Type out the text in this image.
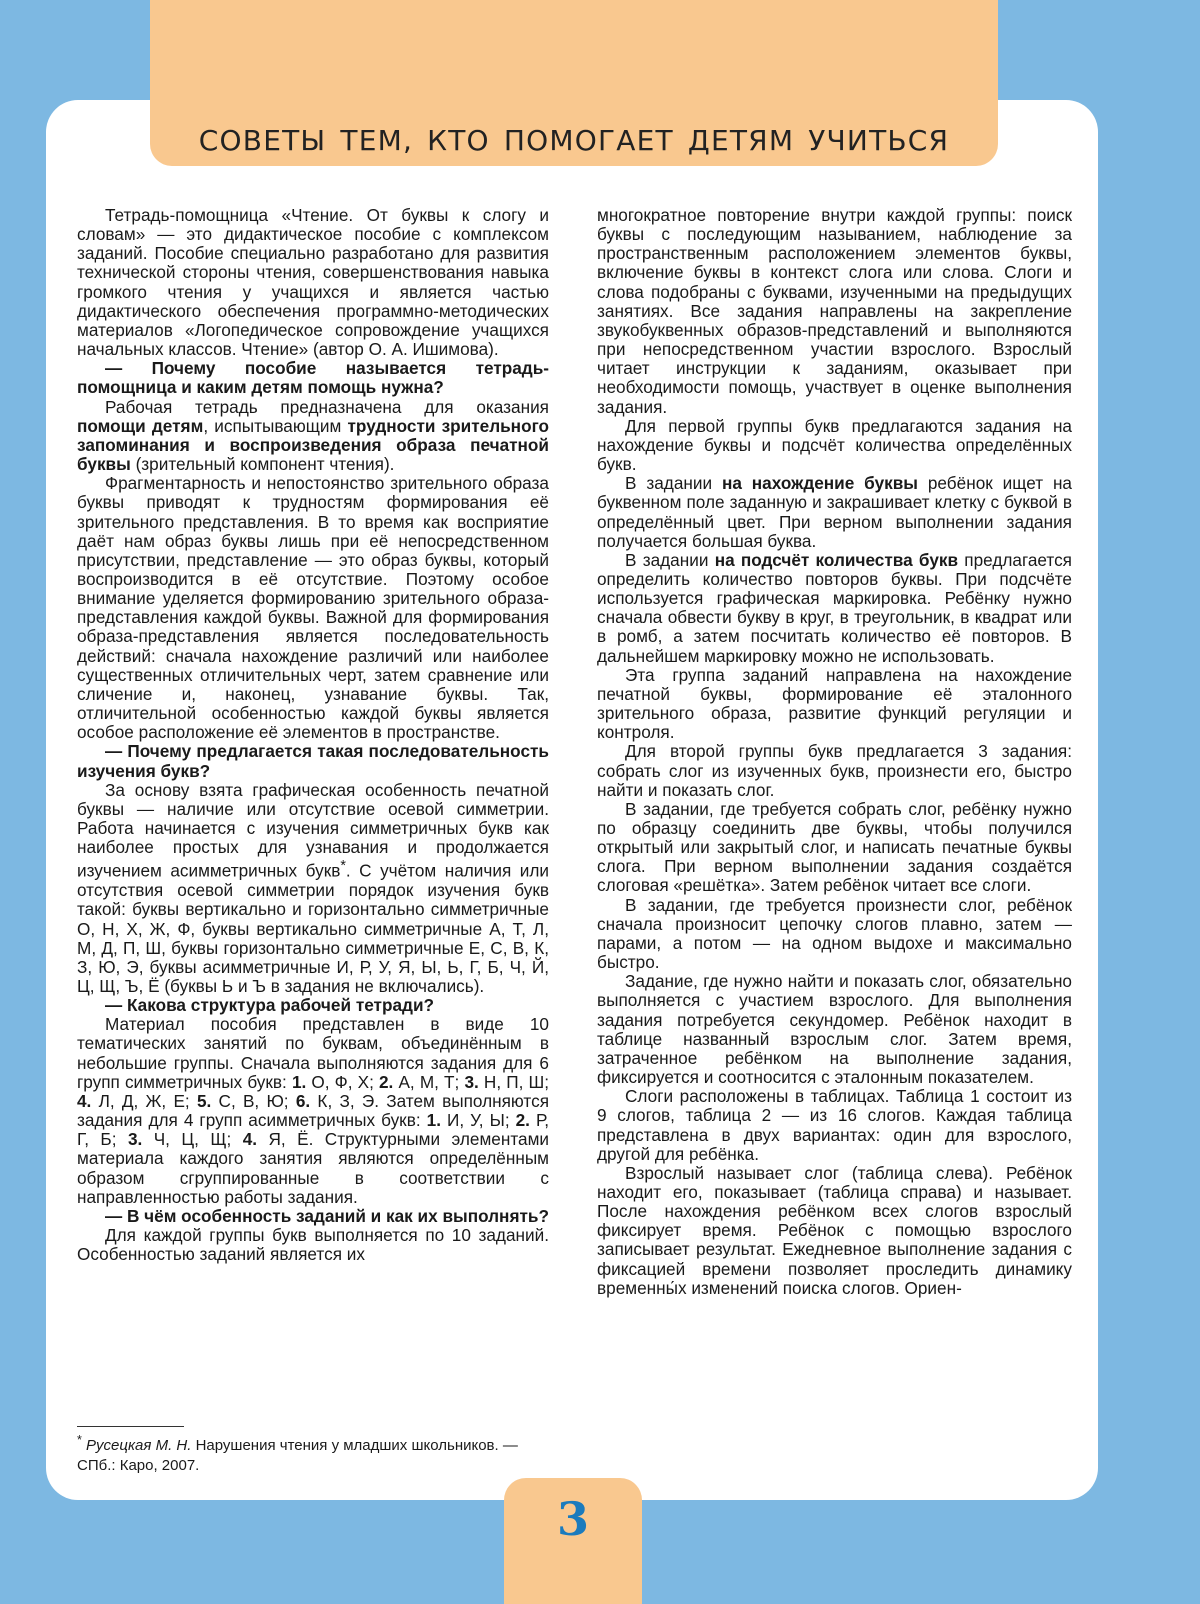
СОВЕТЫ ТЕМ, КТО ПОМОГАЕТ ДЕТЯМ УЧИТЬСЯ

Тетрадь-помощница «Чтение. От буквы к слогу и словам» — это дидактическое пособие с комплексом заданий. Пособие специально разработано для развития технической стороны чтения, совершенствования навыка громкого чтения у учащихся и является частью дидактического обеспечения программно-методических материалов «Логопедическое сопровождение учащихся начальных классов. Чтение» (автор О. А. Ишимова).

— Почему пособие называется тетрадь-помощница и каким детям помощь нужна?

Рабочая тетрадь предназначена для оказания помощи детям, испытывающим трудности зрительного запоминания и воспроизведения образа печатной буквы (зрительный компонент чтения).

Фрагментарность и непостоянство зрительного образа буквы приводят к трудностям формирования её зрительного представления. В то время как восприятие даёт нам образ буквы лишь при её непосредственном присутствии, представление — это образ буквы, который воспроизводится в её отсутствие. Поэтому особое внимание уделяется формированию зрительного образа-представления каждой буквы. Важной для формирования образа-представления является последовательность действий: сначала нахождение различий или наиболее существенных отличительных черт, затем сравнение или сличение и, наконец, узнавание буквы. Так, отличительной особенностью каждой буквы является особое расположение её элементов в пространстве.

— Почему предлагается такая последовательность изучения букв?

За основу взята графическая особенность печатной буквы — наличие или отсутствие осевой симметрии. Работа начинается с изучения симметричных букв как наиболее простых для узнавания и продолжается изучением асимметричных букв*. С учётом наличия или отсутствия осевой симметрии порядок изучения букв такой: буквы вертикально и горизонтально симметричные О, Н, Х, Ж, Ф, буквы вертикально симметричные А, Т, Л, М, Д, П, Ш, буквы горизонтально симметричные Е, С, В, К, З, Ю, Э, буквы асимметричные И, Р, У, Я, Ы, Ь, Г, Б, Ч, Й, Ц, Щ, Ъ, Ё (буквы Ь и Ъ в задания не включались).

— Какова структура рабочей тетради?

Материал пособия представлен в виде 10 тематических занятий по буквам, объединённым в небольшие группы. Сначала выполняются задания для 6 групп симметричных букв: 1. О, Ф, Х; 2. А, М, Т; 3. Н, П, Ш; 4. Л, Д, Ж, Е; 5. С, В, Ю; 6. К, З, Э. Затем выполняются задания для 4 групп асимметричных букв: 1. И, У, Ы; 2. Р, Г, Б; 3. Ч, Ц, Щ; 4. Я, Ё. Структурными элементами материала каждого занятия являются определённым образом сгруппированные в соответствии с направленностью работы задания.

— В чём особенность заданий и как их выполнять?

Для каждой группы букв выполняется по 10 заданий. Особенностью заданий является их

многократное повторение внутри каждой группы: поиск буквы с последующим называнием, наблюдение за пространственным расположением элементов буквы, включение буквы в контекст слога или слова. Слоги и слова подобраны с буквами, изученными на предыдущих занятиях. Все задания направлены на закрепление звукобуквенных образов-представлений и выполняются при непосредственном участии взрослого. Взрослый читает инструкции к заданиям, оказывает при необходимости помощь, участвует в оценке выполнения задания.

Для первой группы букв предлагаются задания на нахождение буквы и подсчёт количества определённых букв.

В задании на нахождение буквы ребёнок ищет на буквенном поле заданную и закрашивает клетку с буквой в определённый цвет. При верном выполнении задания получается большая буква.

В задании на подсчёт количества букв предлагается определить количество повторов буквы. При подсчёте используется графическая маркировка. Ребёнку нужно сначала обвести букву в круг, в треугольник, в квадрат или в ромб, а затем посчитать количество её повторов. В дальнейшем маркировку можно не использовать.

Эта группа заданий направлена на нахождение печатной буквы, формирование её эталонного зрительного образа, развитие функций регуляции и контроля.

Для второй группы букв предлагается 3 задания: собрать слог из изученных букв, произнести его, быстро найти и показать слог.

В задании, где требуется собрать слог, ребёнку нужно по образцу соединить две буквы, чтобы получился открытый или закрытый слог, и написать печатные буквы слога. При верном выполнении задания создаётся слоговая «решётка». Затем ребёнок читает все слоги.

В задании, где требуется произнести слог, ребёнок сначала произносит цепочку слогов плавно, затем — парами, а потом — на одном выдохе и максимально быстро.

Задание, где нужно найти и показать слог, обязательно выполняется с участием взрослого. Для выполнения задания потребуется секундомер. Ребёнок находит в таблице названный взрослым слог. Затем время, затраченное ребёнком на выполнение задания, фиксируется и соотносится с эталонным показателем.

Слоги расположены в таблицах. Таблица 1 состоит из 9 слогов, таблица 2 — из 16 слогов. Каждая таблица представлена в двух вариантах: один для взрослого, другой для ребёнка.

Взрослый называет слог (таблица слева). Ребёнок находит его, показывает (таблица справа) и называет. После нахождения ребёнком всех слогов взрослый фиксирует время. Ребёнок с помощью взрослого записывает результат. Ежедневное выполнение задания с фиксацией времени позволяет проследить динамику временны́х изменений поиска слогов. Ориен-

* Русецкая М. Н. Нарушения чтения у младших школьников. — СПб.: Каро, 2007.
3
